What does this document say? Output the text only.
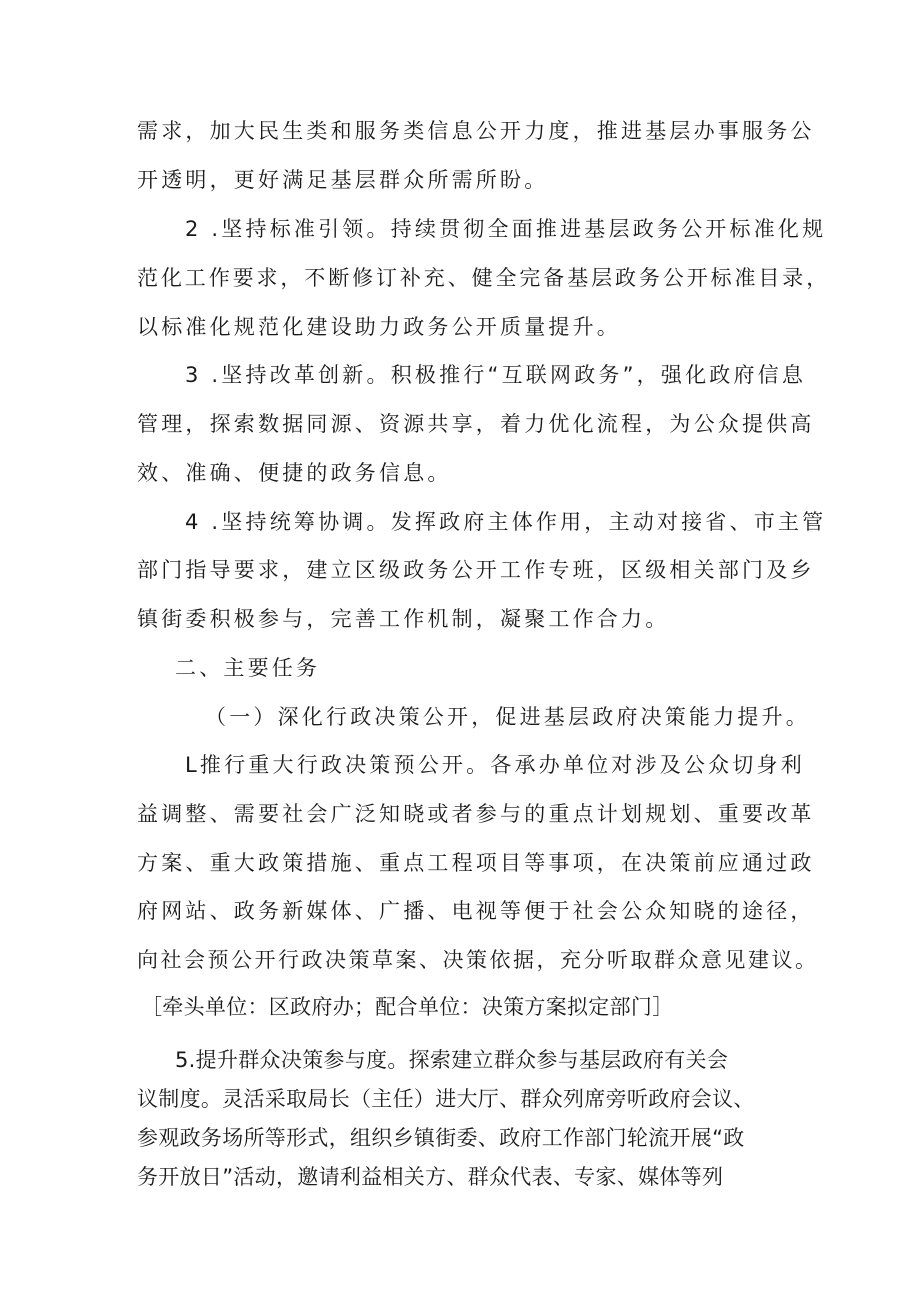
需求，加大民生类和服务类信息公开力度，推进基层办事服务公
开透明，更好满足基层群众所需所盼。
2 .坚持标准引领。持续贯彻全面推进基层政务公开标准化规
范化工作要求，不断修订补充、健全完备基层政务公开标准目录，
以标准化规范化建设助力政务公开质量提升。
3 .坚持改革创新。积极推行“互联网政务”，强化政府信息
管理，探索数据同源、资源共享，着力优化流程，为公众提供高
效、准确、便捷的政务信息。
4 .坚持统筹协调。发挥政府主体作用，主动对接省、市主管
部门指导要求，建立区级政务公开工作专班，区级相关部门及乡
镇街委积极参与，完善工作机制，凝聚工作合力。
二、主要任务
（一）深化行政决策公开，促进基层政府决策能力提升。
L推行重大行政决策预公开。各承办单位对涉及公众切身利
益调整、需要社会广泛知晓或者参与的重点计划规划、重要改革
方案、重大政策措施、重点工程项目等事项，在决策前应通过政
府网站、政务新媒体、广播、电视等便于社会公众知晓的途径，
向社会预公开行政决策草案、决策依据，充分听取群众意见建议。
［牵头单位：区政府办；配合单位：决策方案拟定部门］
5.提升群众决策参与度。探索建立群众参与基层政府有关会
议制度。灵活采取局长（主任）进大厅、群众列席旁听政府会议、
参观政务场所等形式，组织乡镇街委、政府工作部门轮流开展“政
务开放日”活动，邀请利益相关方、群众代表、专家、媒体等列
